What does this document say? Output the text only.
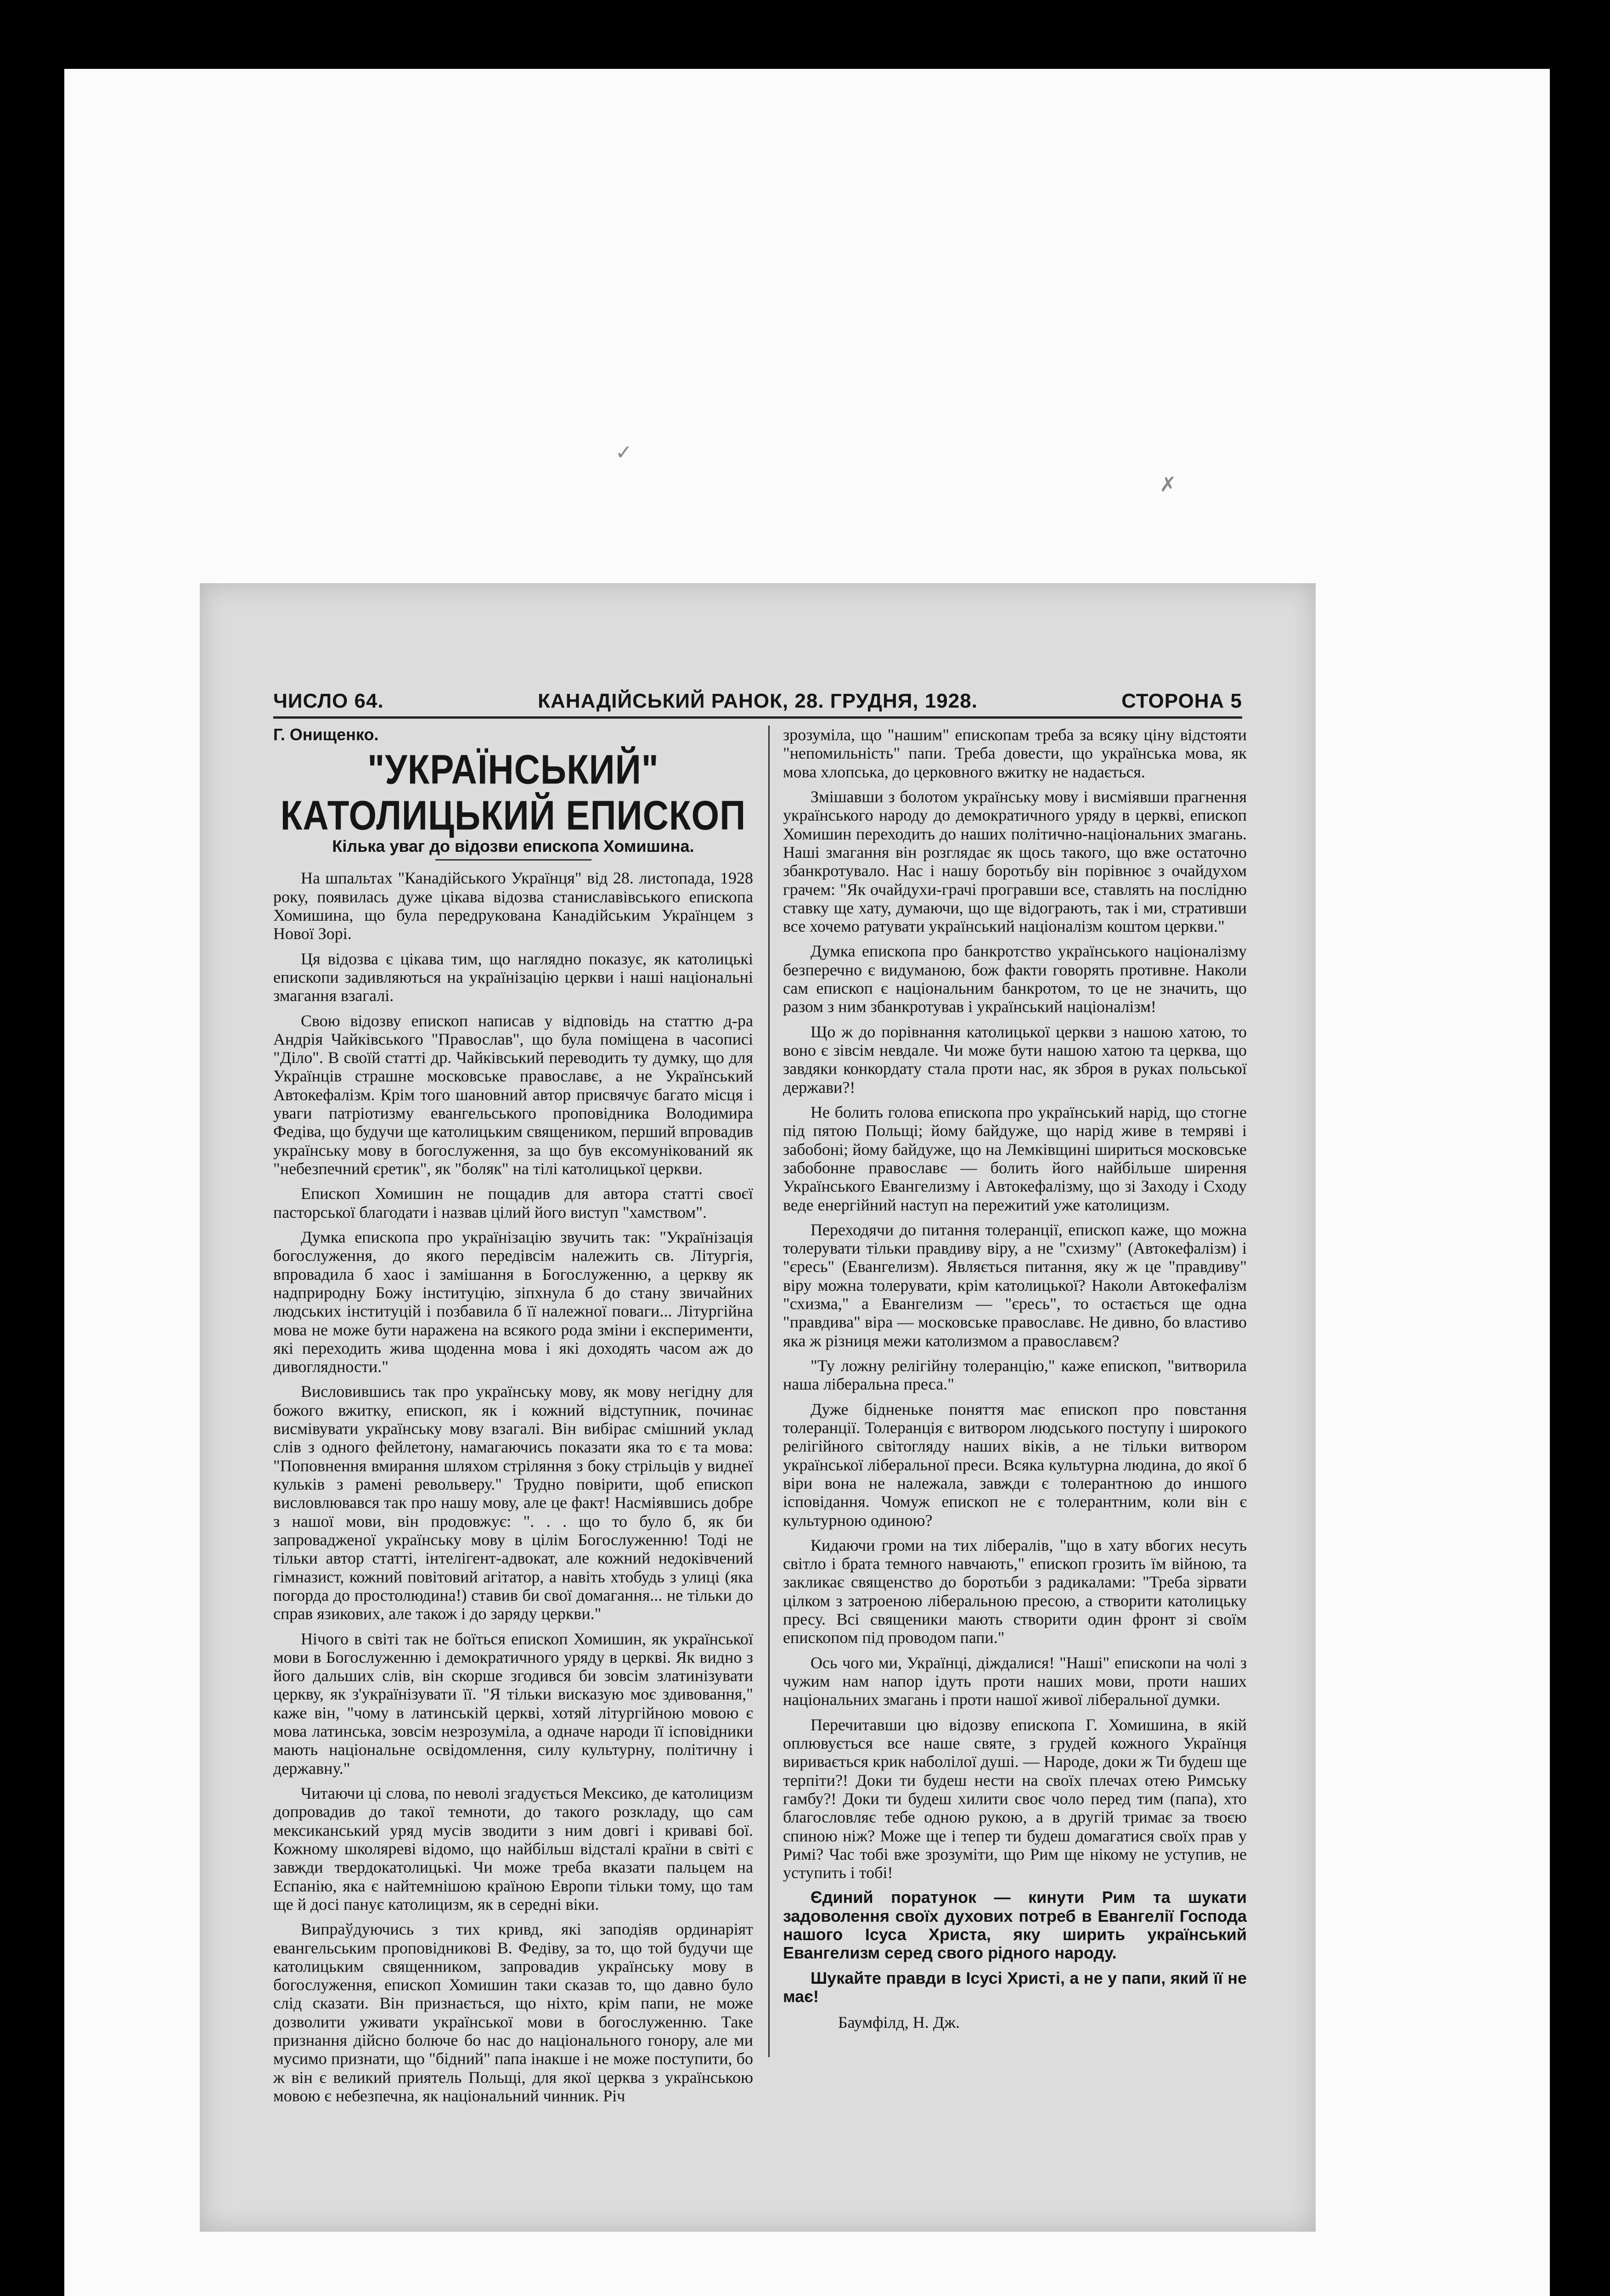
✓
✗
ЧИСЛО 64.	КАНАДІЙСЬКИЙ РАНОК, 28. ГРУДНЯ, 1928.	СТОРОНА 5
Г. Онищенко.
"УКРАЇНСЬКИЙ" КАТОЛИЦЬКИЙ ЕПИСКОП
Кілька уваг до відозви епископа Хомишина.

На шпальтах "Канадійського Українця" від 28. листопада, 1928 року, появилась дуже цікава відозва станиславівського епископа Хомишина, що була передрукована Канадійським Українцем з Нової Зорі.

Ця відозва є цікава тим, що наглядно показує, як католицькі епископи задивляються на українізацію церкви і наші національні змагання взагалі.

Свою відозву епископ написав у відповідь на статтю д-ра Андрія Чайківського "Православ", що була поміщена в часописі "Діло". В своїй статті др. Чайківський переводить ту думку, що для Українців страшне московське православє, а не Український Автокефалізм. Крім того шановний автор присвячує багато місця і уваги патріотизму евангельського проповідника Володимира Федіва, що будучи ще католицьким священиком, перший впровадив українську мову в богослуження, за що був ексомунікований як "небезпечний єретик", як "боляк" на тілі католицької церкви.

Епископ Хомишин не пощадив для автора статті своєї пасторської благодати і назвав цілий його виступ "хамством".

Думка епископа про українізацію звучить так: "Українізація богослуження, до якого передівсім належить св. Літургія, впровадила б хаос і замішання в Богослуженню, а церкву як надприродну Божу інституцію, зіпхнула б до стану звичайних людських інституцій і позбавила б її належної поваги... Літургійна мова не може бути наражена на всякого рода зміни і експерименти, які переходить жива щоденна мова і які доходять часом аж до дивоглядности."

Висловившись так про українську мову, як мову негідну для божого вжитку, епископ, як і кожний відступник, починає висмівувати українську мову взагалі. Він вибірає смішний уклад слів з одного фейлетону, намагаючись показати яка то є та мова: "Поповнення вмирання шляхом стріляння з боку стрільців у виднеї кульків з рамені револьверу." Трудно повірити, щоб епископ висловлювався так про нашу мову, але це факт! Насміявшись добре з нашої мови, він продовжує: ". . . що то було б, як би запровадженої українську мову в цілім Богослуженню! Тоді не тільки автор статті, інтелігент-адвокат, але кожний недоківчений гімназист, кожний повітовий агітатор, а навіть хтобудь з улиці (яка погорда до простолюдина!) ставив би свої домагання... не тільки до справ язикових, але також і до заряду церкви."

Нічого в світі так не боїться епископ Хомишин, як української мови в Богослуженню і демократичного уряду в церкві. Як видно з його дальших слів, він скорше згодився би зовсім златинізувати церкву, як з'українізувати її. "Я тільки висказую моє здивовання," каже він, "чому в латинській церкві, хотяй літургійною мовою є мова латинська, зовсім незрозуміла, а одначе народи її ісповідники мають національне освідомлення, силу культурну, політичну і державну."

Читаючи ці слова, по неволі згадується Мексико, де католицизм допровадив до такої темноти, до такого розкладу, що сам мексиканський уряд мусів зводити з ним довгі і криваві бої. Кожному школяреві відомо, що найбільш відсталі країни в світі є завжди твердокатолицькі. Чи може треба вказати пальцем на Еспанію, яка є найтемнішою країною Европи тільки тому, що там ще й досі панує католицизм, як в середні віки.

Випраўдуючись з тих кривд, які заподіяв ординаріят евангельським проповідникові В. Федіву, за то, що той будучи ще католицьким священником, запровадив українську мову в богослуження, епископ Хомишин таки сказав то, що давно було слід сказати. Він признається, що ніхто, крім папи, не може дозволити уживати української мови в богослуженню. Таке признання дійсно болюче бо нас до національного гонору, але ми мусимо признати, що "бідний" папа інакше і не може поступити, бо ж він є великий приятель Польщі, для якої церква з українською мовою є небезпечна, як національний чинник. Річ

зрозуміла, що "нашим" епископам треба за всяку ціну відстояти "непомильність" папи. Треба довести, що українська мова, як мова хлопська, до церковного вжитку не надається.

Змішавши з болотом українську мову і висміявши прагнення українського народу до демократичного уряду в церкві, епископ Хомишин переходить до наших політично-національних змагань. Наші змагання він розглядає як щось такого, що вже остаточно збанкротувало. Нас і нашу боротьбу він порівнює з очайдухом грачем: "Як очайдухи-грачі програвши все, ставлять на послідню ставку ще хату, думаючи, що ще відограють, так і ми, стративши все хочемо ратувати український націоналізм коштом церкви."

Думка епископа про банкротство українського націоналізму безперечно є видуманою, бож факти говорять противне. Наколи сам епископ є національним банкротом, то це не значить, що разом з ним збанкротував і український націоналізм!

Що ж до порівнання католицької церкви з нашою хатою, то воно є зівсім невдале. Чи може бути нашою хатою та церква, що завдяки конкордату стала проти нас, як зброя в руках польської держави?!

Не болить голова епископа про український нарід, що стогне під пятою Польщі; йому байдуже, що нарід живе в темряві і забобоні; йому байдуже, що на Лемківщині шириться московське забобонне православє — болить його найбільше ширення Українського Евангелизму і Автокефалізму, що зі Заходу і Сходу веде енергійний наступ на пережитий уже католицизм.

Переходячи до питання толеранції, епископ каже, що можна толерувати тільки правдиву віру, а не "схизму" (Автокефалізм) і "єресь" (Евангелизм). Являється питання, яку ж це "правдиву" віру можна толерувати, крім католицької? Наколи Автокефалізм "схизма," а Евангелизм — "єресь", то остається ще одна "правдива" віра — московське православє. Не дивно, бо властиво яка ж різниця межи католизмом а православєм?

"Ту ложну релігійну толеранцію," каже епископ, "витворила наша ліберальна преса."

Дуже бідненьке поняття має епископ про повстання толеранції. Толеранція є витвором людського поступу і широкого релігійного світогляду наших віків, а не тільки витвором української ліберальної преси. Всяка культурна людина, до якої б віри вона не належала, завжди є толерантною до иншого ісповідання. Чомуж епископ не є толерантним, коли він є культурною одиною?

Кидаючи громи на тих лібералів, "що в хату вбогих несуть світло і брата темного навчають," епископ грозить їм війною, та закликає священство до боротьби з радикалами: "Треба зірвати цілком з затроеною ліберальною пресою, а створити католицьку пресу. Всі священики мають створити один фронт зі своїм епископом під проводом папи."

Ось чого ми, Українці, діждалися! "Наші" епископи на чолі з чужим нам напор ідуть проти наших мови, проти наших національних змагань і проти нашої живої ліберальної думки.

Перечитавши цю відозву епископа Г. Хомишина, в якій оплювується все наше святе, з грудей кожного Українця виривається крик наболілої душі. — Народе, доки ж Ти будеш ще терпіти?! Доки ти будеш нести на своїх плечах отею Римську гамбу?! Доки ти будеш хилити своє чоло перед тим (папа), хто благословляє тебе одною рукою, а в другій тримає за твоєю спиною ніж? Може ще і тепер ти будеш домагатися своїх прав у Римі? Час тобі вже зрозуміти, що Рим ще нікому не уступив, не уступить і тобі!

Єдиний поратунок — кинути Рим та шукати задоволення своїх духових потреб в Евангелії Господа нашого Ісуса Христа, яку ширить український Евангелизм серед свого рідного народу.

Шукайте правди в Ісусі Христі, а не у папи, який її не має!

Баумфілд, Н. Дж.
